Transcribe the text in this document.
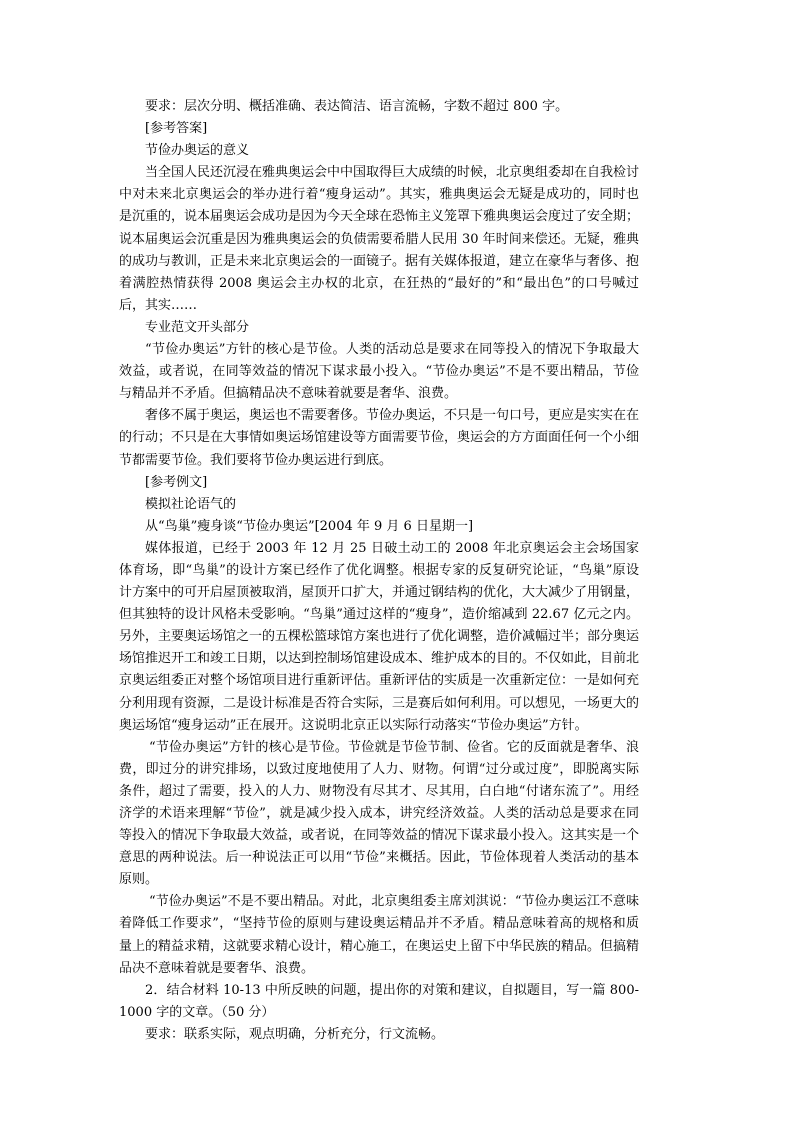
要求：层次分明、概括准确、表达简洁、语言流畅，字数不超过 800 字。

[参考答案]

节俭办奥运的意义

当全国人民还沉浸在雅典奥运会中中国取得巨大成绩的时候，北京奥组委却在自我检讨中对未来北京奥运会的举办进行着“瘦身运动”。其实，雅典奥运会无疑是成功的，同时也是沉重的，说本届奥运会成功是因为今天全球在恐怖主义笼罩下雅典奥运会度过了安全期；说本届奥运会沉重是因为雅典奥运会的负债需要希腊人民用 30 年时间来偿还。无疑，雅典的成功与教训，正是未来北京奥运会的一面镜子。据有关媒体报道，建立在豪华与奢侈、抱着满腔热情获得 2008 奥运会主办权的北京，在狂热的“最好的”和“最出色”的口号喊过后，其实……

专业范文开头部分

“节俭办奥运”方针的核心是节俭。人类的活动总是要求在同等投入的情况下争取最大效益，或者说，在同等效益的情况下谋求最小投入。“节俭办奥运”不是不要出精品，节俭与精品并不矛盾。但搞精品决不意味着就要是奢华、浪费。

奢侈不属于奥运，奥运也不需要奢侈。节俭办奥运，不只是一句口号，更应是实实在在的行动；不只是在大事情如奥运场馆建设等方面需要节俭，奥运会的方方面面任何一个小细节都需要节俭。我们要将节俭办奥运进行到底。

[参考例文]

模拟社论语气的

从“鸟巢”瘦身谈“节俭办奥运”[2004 年 9 月 6 日星期一]

媒体报道，已经于 2003 年 12 月 25 日破土动工的 2008 年北京奥运会主会场国家体育场，即“鸟巢”的设计方案已经作了优化调整。根据专家的反复研究论证，“鸟巢”原设计方案中的可开启屋顶被取消，屋顶开口扩大，并通过钢结构的优化，大大减少了用钢量，但其独特的设计风格未受影响。“鸟巢”通过这样的“瘦身”，造价缩减到 22.67 亿元之内。另外，主要奥运场馆之一的五棵松篮球馆方案也进行了优化调整，造价减幅过半；部分奥运场馆推迟开工和竣工日期，以达到控制场馆建设成本、维护成本的目的。不仅如此，目前北京奥运组委正对整个场馆项目进行重新评估。重新评估的实质是一次重新定位：一是如何充分利用现有资源，二是设计标准是否符合实际，三是赛后如何利用。可以想见，一场更大的奥运场馆“瘦身运动”正在展开。这说明北京正以实际行动落实“节俭办奥运”方针。

“节俭办奥运”方针的核心是节俭。节俭就是节俭节制、俭省。它的反面就是奢华、浪费，即过分的讲究排场，以致过度地使用了人力、财物。何谓“过分或过度”，即脱离实际条件，超过了需要，投入的人力、财物没有尽其才、尽其用，白白地“付诸东流了”。用经济学的术语来理解“节俭”，就是减少投入成本，讲究经济效益。人类的活动总是要求在同等投入的情况下争取最大效益，或者说，在同等效益的情况下谋求最小投入。这其实是一个意思的两种说法。后一种说法正可以用“节俭”来概括。因此，节俭体现着人类活动的基本原则。

“节俭办奥运”不是不要出精品。对此，北京奥组委主席刘淇说：“节俭办奥运江不意味着降低工作要求”，“坚持节俭的原则与建设奥运精品并不矛盾。精品意味着高的规格和质量上的精益求精，这就要求精心设计，精心施工，在奥运史上留下中华民族的精品。但搞精品决不意味着就是要奢华、浪费。

2．结合材料 10-13 中所反映的问题，提出你的对策和建议，自拟题目，写一篇 800-1000 字的文章。（50 分）

要求：联系实际，观点明确，分析充分，行文流畅。
